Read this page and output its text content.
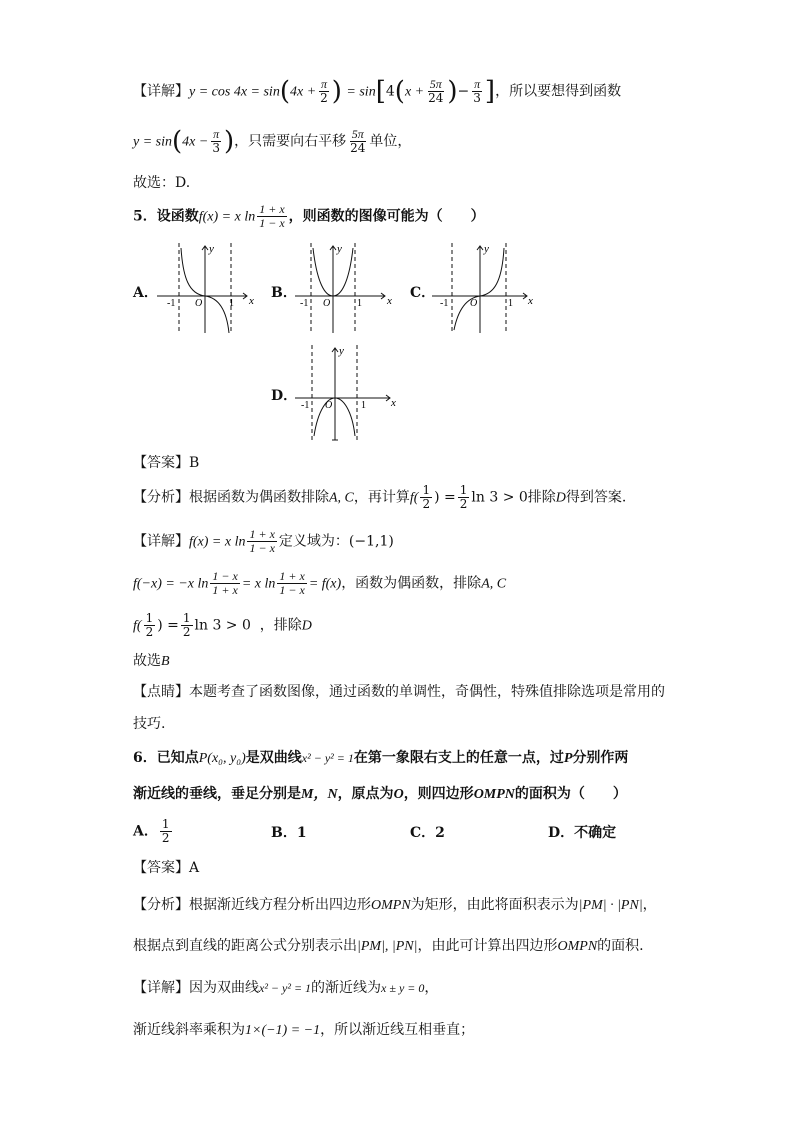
【详解】$y = \cos 4x = \sin(4x + \frac{\pi}{2}$ ) = $\sin[4(x + \frac{5\pi}{24}$ )− $\frac{\pi}{3}$ ]，所以要想得到函数
$y = \sin(4x - \frac{\pi}{3}$ )，只需要向右平移 $\frac{5\pi}{24}$ 单位，
故选：D.
5．设函数f(x) = x $\ln \frac{1 + x}{1 - x}$ ，则函数的图像可能为（　　）
A．	B．	C．
D．
y
x
-1	1
O
y
x
-1	1
O
y
x
-1	1
O
y
x
-1	1
O
【答案】B
【分析】根据函数为偶函数排除A, C，再计算$f( \frac{1}{2}$ ) = $\frac{1}{2}$ ln 3 > 0排除D得到答案.
【详解】f(x) = x $\ln \frac{1 + x}{1 - x}$ 定义域为：(−1,1)
f(−x) = −x $\ln \frac{1 - x}{1 + x} = x$ $\ln \frac{1 + x}{1 - x} = f(x)$，函数为偶函数，排除A, C
$f( \frac{1}{2}$ ) = $\frac{1}{2}$ ln 3 > 0 ，排除D
故选B
【点睛】本题考查了函数图像，通过函数的单调性，奇偶性，特殊值排除选项是常用的
技巧.
6．已知点P(x₀, y₀)是双曲线x² − y² = 1在第一象限右支上的任意一点，过P分别作两
渐近线的垂线，垂足分别是M，N，原点为O，则四边形OMPN的面积为（　　）
A． $\frac{1}{2}$	B．1	C．2	D．不确定
【答案】A
【分析】根据渐近线方程分析出四边形OMPN为矩形，由此将面积表示为|PM| · |PN|，
根据点到直线的距离公式分别表示出|PM|, |PN|，由此可计算出四边形OMPN的面积.
【详解】因为双曲线x² − y² = 1的渐近线为x ± y = 0，
渐近线斜率乘积为1×(−1) = −1，所以渐近线互相垂直；
